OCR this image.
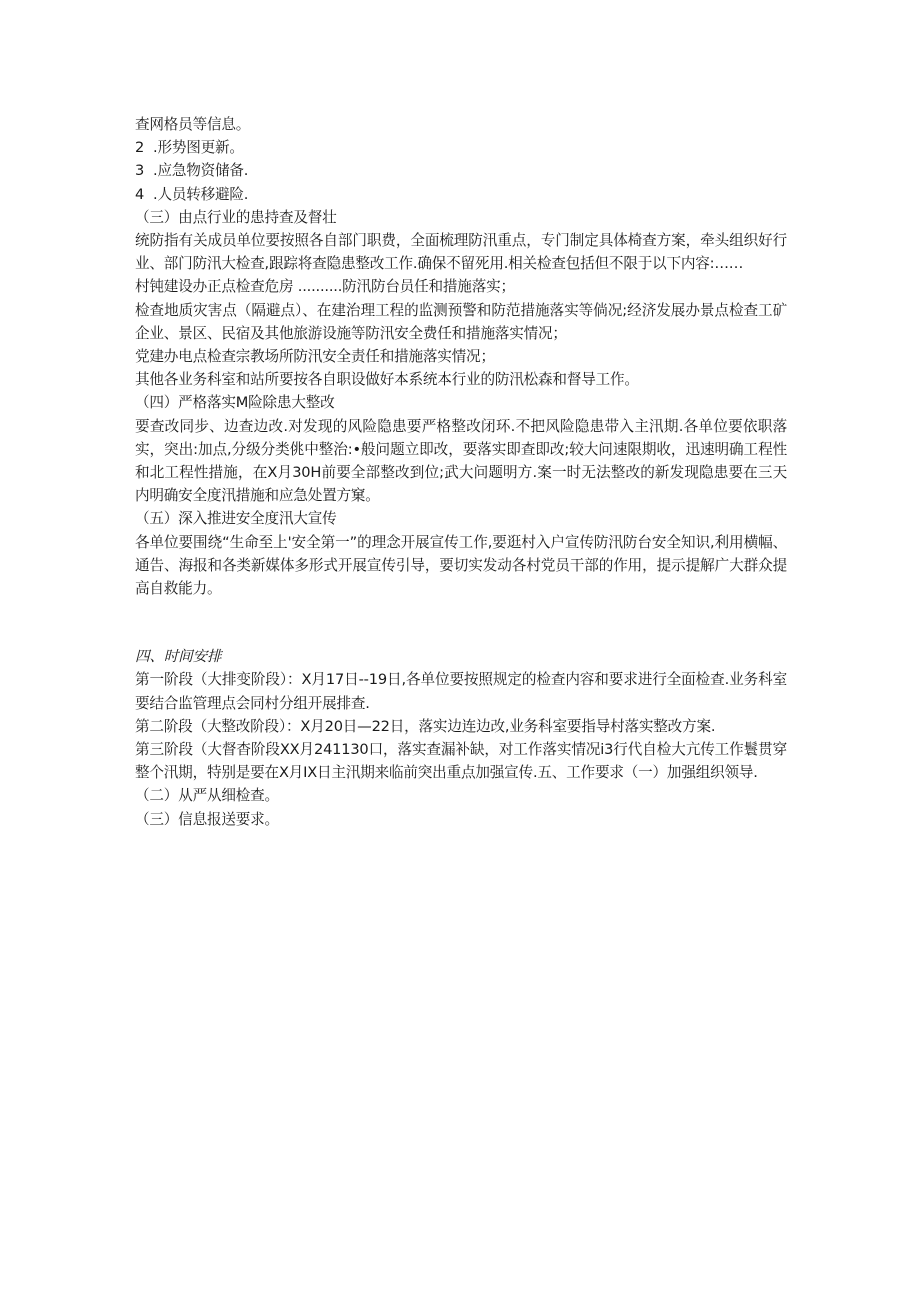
查网格员等信息。

2 .形势图更新。

3 .应急物资储备.

4 .人员转移避险.

（三）由点行业的患持查及督壮

统防指有关成员单位要按照各自部门职费，全面梳理防汛重点，专门制定具体椅查方案，牵头组织好行业、部门防汛大检查,跟踪将查隐患整改工作.确保不留死用.相关检查包括但不限于以下内容:……

村钝建设办正点检查危房 ..........防汛防台员任和措施落实；

检查地质灾害点（隔避点）、在建治理工程的监测预警和防范措施落实等倘况;经济发展办景点检查工矿企业、景区、民宿及其他旅游设施等防汛安全费任和措施落实情况；

党建办电点检查宗教场所防汛安全责任和措施落实情况；

其他各业务科室和站所要按各自职设做好本系统本行业的防汛松森和督导工作。

（四）严格落实M险除患大整改

要查改同步、边查边改.对发现的风险隐患要严格整改闭环.不把风险隐患带入主汛期.各单位要依职落实，突出:加点,分级分类佻中整治:•般问题立即改，要落实即查即改;较大问速限期收，迅速明确工程性和北工程性措施，在X月30H前要全部整改到位;武大问题明方.案一时无法整改的新发现隐患要在三天内明确安全度汛措施和应急处置方窠。

（五）深入推进安全度汛大宣传

各单位要围绕“生命至上'安全第一”的理念开展宣传工作,要逛村入户宣传防汛防台安全知识,利用横幅、通告、海报和各类新媒体多形式开展宣传引导，要切实发动各村党员干部的作用，提示提解广大群众提高自救能力。

四、时间安排

第一阶段（大排变阶段）：X月17日--19日,各单位要按照规定的检查内容和要求进行全面检查.业务科室要结合监管理点会同村分组开展排查.

第二阶段（大整改阶段）：X月20日—22日，落实边连边改,业务科室要指导村落实整改方案.

第三阶段（大督杳阶段XX月241130口，落实查漏补缺，对工作落实情况i3行代自检大亢传工作鬟贯穿整个汛期，特别是要在X月IX日主汛期来临前突出重点加强宣传.五、工作要求（一）加强组织领导.

（二）从严从细检查。

（三）信息报送要求。
